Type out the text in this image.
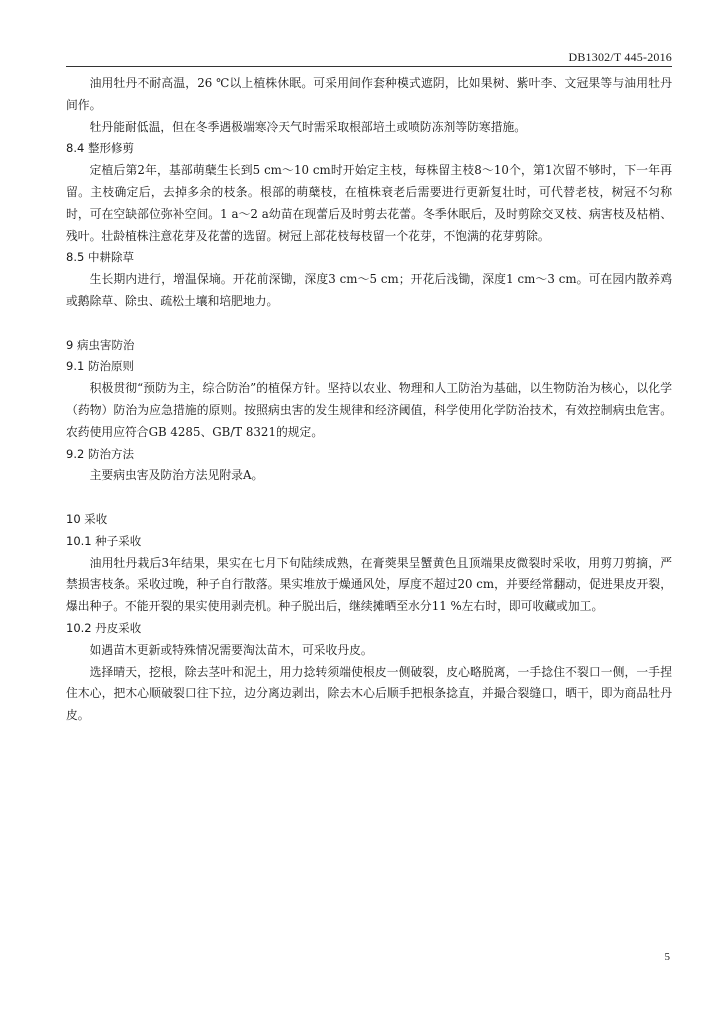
DB1302/T 445-2016

油用牡丹不耐高温，26 ℃以上植株休眠。可采用间作套种模式遮阴，比如果树、紫叶李、文冠果等与油用牡丹间作。

牡丹能耐低温，但在冬季遇极端寒冷天气时需采取根部培土或喷防冻剂等防寒措施。

8.4 整形修剪

定植后第2年，基部萌蘖生长到5 cm～10 cm时开始定主枝，每株留主枝8～10个，第1次留不够时，下一年再留。主枝确定后，去掉多余的枝条。根部的萌蘖枝，在植株衰老后需要进行更新复壮时，可代替老枝，树冠不匀称时，可在空缺部位弥补空间。1 a～2 a幼苗在现蕾后及时剪去花蕾。冬季休眠后，及时剪除交叉枝、病害枝及枯梢、残叶。壮龄植株注意花芽及花蕾的选留。树冠上部花枝每枝留一个花芽，不饱满的花芽剪除。

8.5 中耕除草

生长期内进行，增温保墒。开花前深锄，深度3 cm～5 cm；开花后浅锄，深度1 cm～3 cm。可在园内散养鸡或鹅除草、除虫、疏松土壤和培肥地力。

9 病虫害防治
9.1 防治原则

积极贯彻“预防为主，综合防治”的植保方针。坚持以农业、物理和人工防治为基础，以生物防治为核心，以化学（药物）防治为应急措施的原则。按照病虫害的发生规律和经济阈值，科学使用化学防治技术，有效控制病虫危害。农药使用应符合GB 4285、GB/T 8321的规定。

9.2 防治方法

主要病虫害及防治方法见附录A。

10 采收
10.1 种子采收

油用牡丹栽后3年结果，果实在七月下旬陆续成熟，在膏葖果呈蟹黄色且顶端果皮微裂时采收，用剪刀剪摘，严禁损害枝条。采收过晚，种子自行散落。果实堆放于燥通风处，厚度不超过20 cm，并要经常翻动，促进果皮开裂，爆出种子。不能开裂的果实使用剥壳机。种子脱出后，继续摊晒至水分11 %左右时，即可收藏或加工。

10.2 丹皮采收

如遇苗木更新或特殊情况需要淘汰苗木，可采收丹皮。

选择晴天，挖根，除去茎叶和泥土，用力捻转须端使根皮一侧破裂，皮心略脱离，一手捻住不裂口一侧，一手捏住木心，把木心顺破裂口往下拉，边分离边剥出，除去木心后顺手把根条捻直，并撮合裂缝口，晒干，即为商品牡丹皮。

5
